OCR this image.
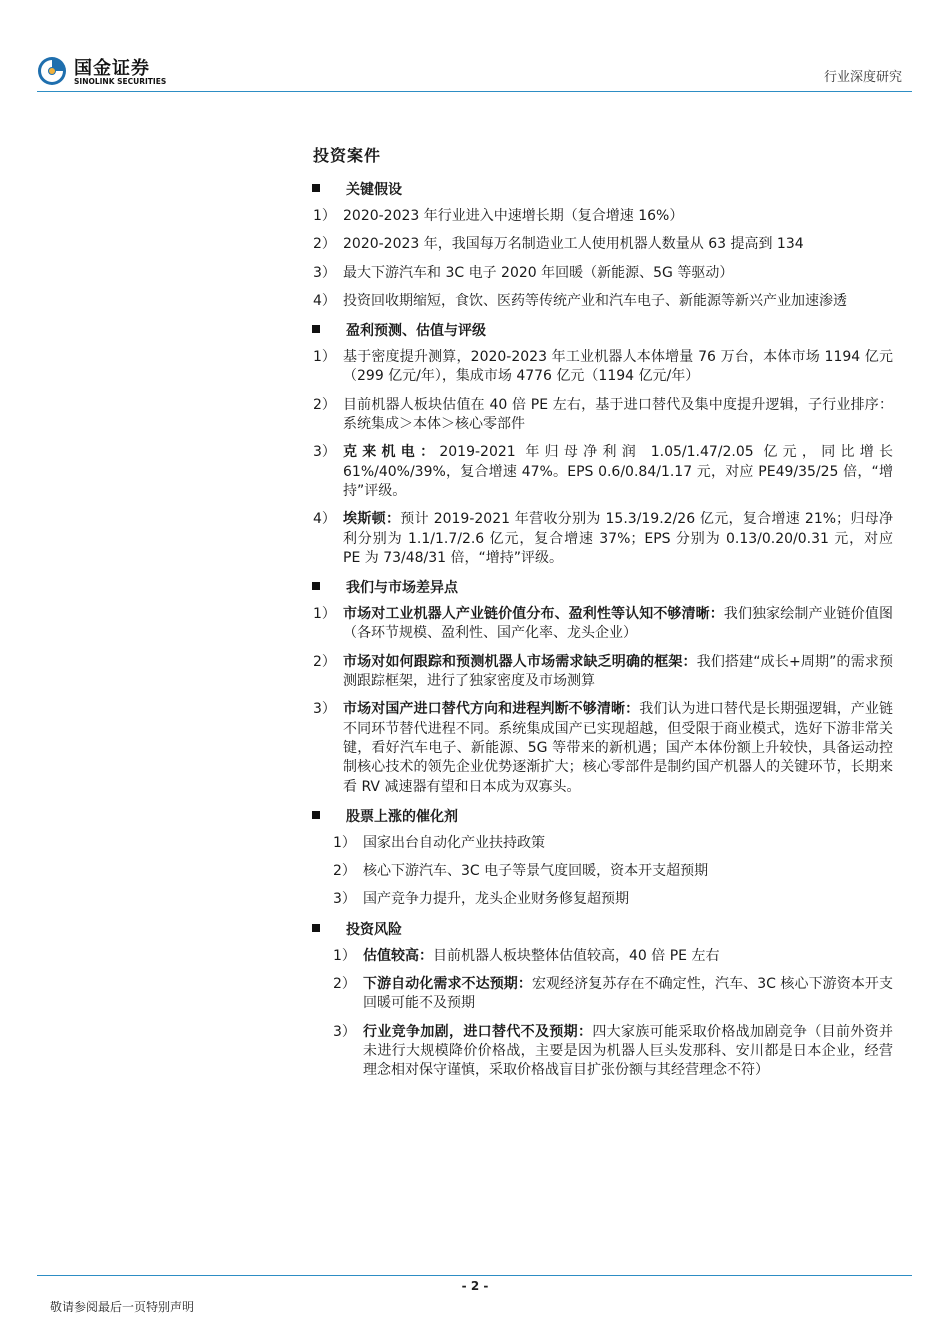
国金证券
SINOLINK SECURITIES	行业深度研究
投资案件
关键假设
1） 2020-2023 年行业进入中速增长期（复合增速 16%）
2） 2020-2023 年，我国每万名制造业工人使用机器人数量从 63 提高到 134
3） 最大下游汽车和 3C 电子 2020 年回暖（新能源、5G 等驱动）
4） 投资回收期缩短，食饮、医药等传统产业和汽车电子、新能源等新兴产业加速渗透
盈利预测、估值与评级
1） 基于密度提升测算，2020-2023 年工业机器人本体增量 76 万台，本体市场 1194 亿元（299 亿元/年），集成市场 4776 亿元（1194 亿元/年）
2） 目前机器人板块估值在 40 倍 PE 左右，基于进口替代及集中度提升逻辑，子行业排序：系统集成＞本体＞核心零部件
3） 克来机电：2019-2021 年归母净利润 1.05/1.47/2.05 亿元，同比增长 61%/40%/39%，复合增速 47%。EPS 0.6/0.84/1.17 元，对应 PE49/35/25 倍，“增持”评级。
4） 埃斯顿：预计 2019-2021 年营收分别为 15.3/19.2/26 亿元，复合增速 21%；归母净利分别为 1.1/1.7/2.6 亿元，复合增速 37%；EPS 分别为 0.13/0.20/0.31 元，对应 PE 为 73/48/31 倍，“增持”评级。
我们与市场差异点
1） 市场对工业机器人产业链价值分布、盈利性等认知不够清晰：我们独家绘制产业链价值图（各环节规模、盈利性、国产化率、龙头企业）
2） 市场对如何跟踪和预测机器人市场需求缺乏明确的框架：我们搭建“成长+周期”的需求预测跟踪框架，进行了独家密度及市场测算
3） 市场对国产进口替代方向和进程判断不够清晰：我们认为进口替代是长期强逻辑，产业链不同环节替代进程不同。系统集成国产已实现超越，但受限于商业模式，选好下游非常关键，看好汽车电子、新能源、5G 等带来的新机遇；国产本体份额上升较快，具备运动控制核心技术的领先企业优势逐渐扩大；核心零部件是制约国产机器人的关键环节，长期来看 RV 减速器有望和日本成为双寡头。
股票上涨的催化剂
1） 国家出台自动化产业扶持政策
2） 核心下游汽车、3C 电子等景气度回暖，资本开支超预期
3） 国产竞争力提升，龙头企业财务修复超预期
投资风险
1） 估值较高：目前机器人板块整体估值较高，40 倍 PE 左右
2） 下游自动化需求不达预期：宏观经济复苏存在不确定性，汽车、3C 核心下游资本开支回暖可能不及预期
3） 行业竞争加剧，进口替代不及预期：四大家族可能采取价格战加剧竞争（目前外资并未进行大规模降价价格战，主要是因为机器人巨头发那科、安川都是日本企业，经营理念相对保守谨慎，采取价格战盲目扩张份额与其经营理念不符）
- 2 -
敬请参阅最后一页特别声明
